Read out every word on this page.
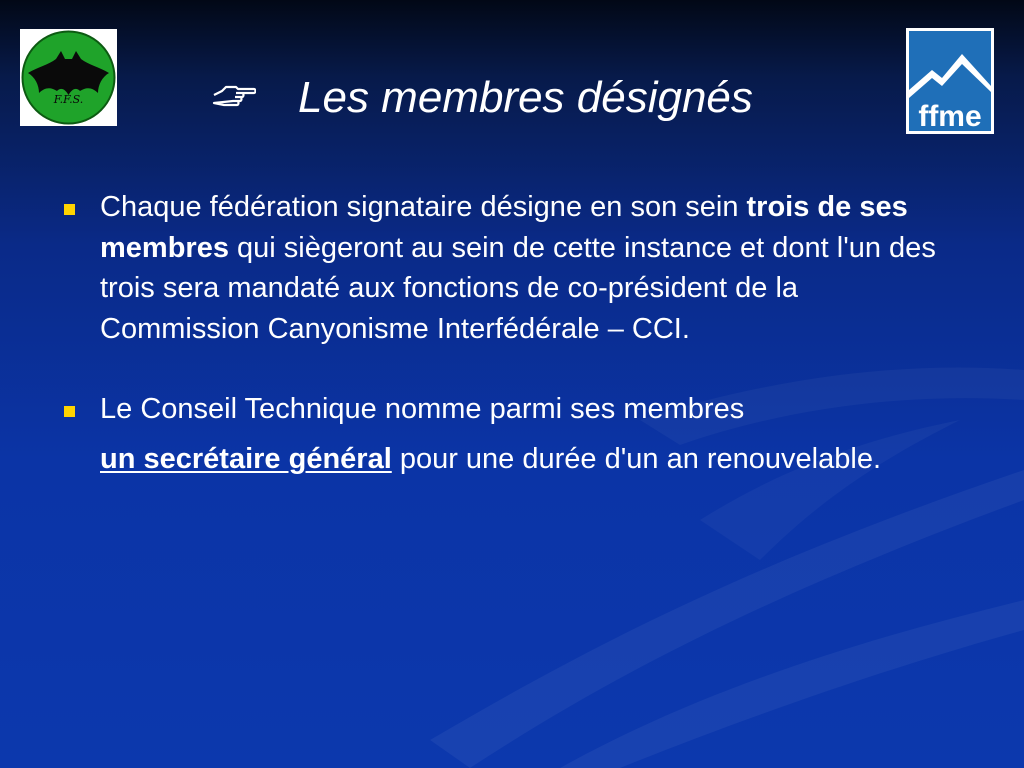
F.F.S.	Les membres désignés	ffme
Chaque fédération signataire désigne en son sein trois de ses membres qui siègeront au sein de cette instance et dont l'un des trois sera mandaté aux fonctions de co-président de la Commission Canyonisme Interfédérale – CCI.
Le Conseil Technique nomme parmi ses membres
un secrétaire général pour une durée d'un an renouvelable.
